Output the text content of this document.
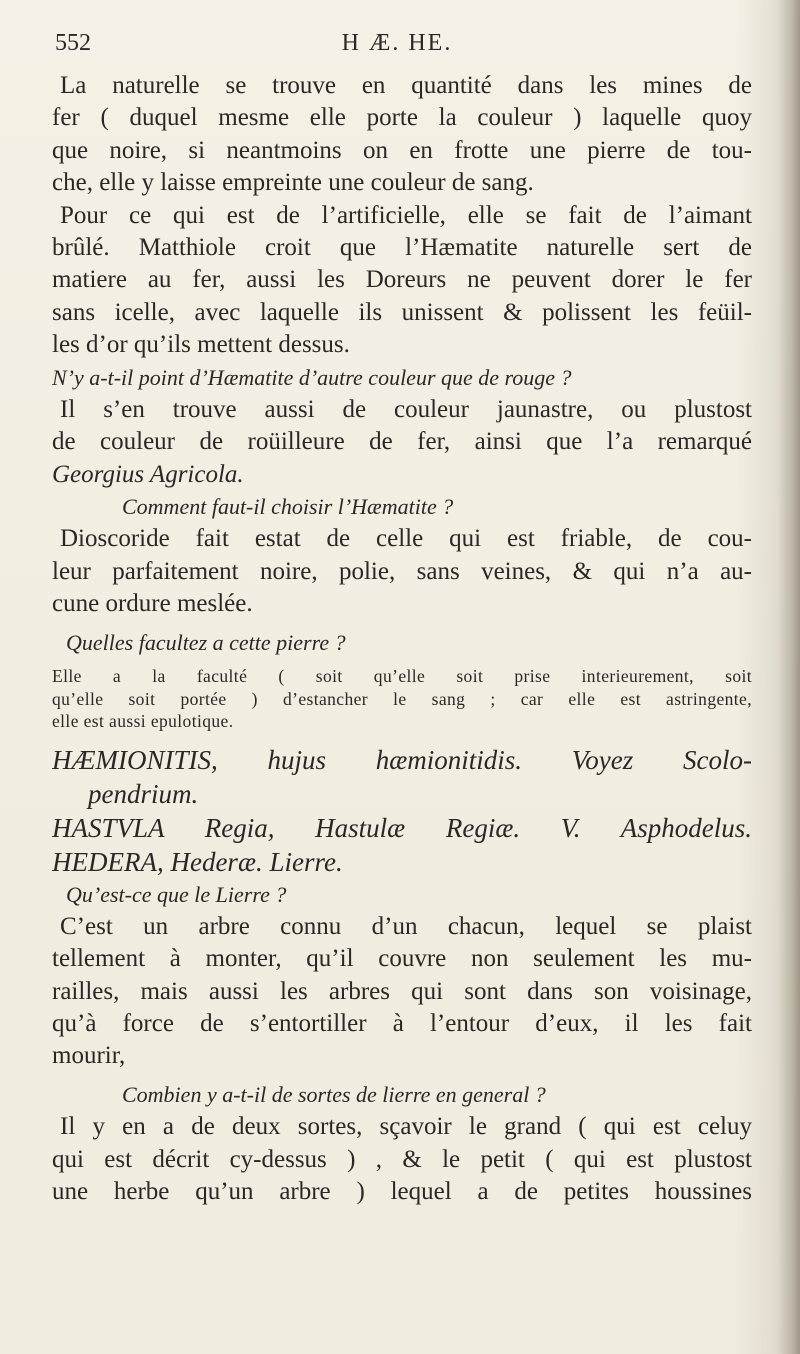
552	H Æ. HE.
La naturelle se trouve en quantité dans les mines de
fer ( duquel mesme elle porte la couleur ) laquelle quoy
que noire, si neantmoins on en frotte une pierre de tou-
che, elle y laisse empreinte une couleur de sang.
Pour ce qui est de l’artificielle, elle se fait de l’aimant
brûlé. Matthiole croit que l’Hæmatite naturelle sert de
matiere au fer, aussi les Doreurs ne peuvent dorer le fer
sans icelle, avec laquelle ils unissent & polissent les feüil-
les d’or qu’ils mettent dessus.
N’y a-t-il point d’Hæmatite d’autre couleur que de rouge ?
Il s’en trouve aussi de couleur jaunastre, ou plustost
de couleur de roüilleure de fer, ainsi que l’a remarqué
Georgius Agricola.
Comment faut-il choisir l’Hæmatite ?
Dioscoride fait estat de celle qui est friable, de cou-
leur parfaitement noire, polie, sans veines, & qui n’a au-
cune ordure meslée.
Quelles facultez a cette pierre ?
Elle a la faculté ( soit qu’elle soit prise interieurement, soit
qu’elle soit portée ) d’estancher le sang ; car elle est astringente,
elle est aussi epulotique.
HÆMIONITIS, hujus hæmionitidis. Voyez Scolo-
pendrium.
HASTVLA Regia, Hastulæ Regiæ. V. Asphodelus.
HEDERA, Hederæ. Lierre.
Qu’est-ce que le Lierre ?
C’est un arbre connu d’un chacun, lequel se plaist
tellement à monter, qu’il couvre non seulement les mu-
railles, mais aussi les arbres qui sont dans son voisinage,
qu’à force de s’entortiller à l’entour d’eux, il les fait
mourir,
Combien y a-t-il de sortes de lierre en general ?
Il y en a de deux sortes, sçavoir le grand ( qui est celuy
qui est décrit cy-dessus ) , & le petit ( qui est plustost
une herbe qu’un arbre ) lequel a de petites houssines
